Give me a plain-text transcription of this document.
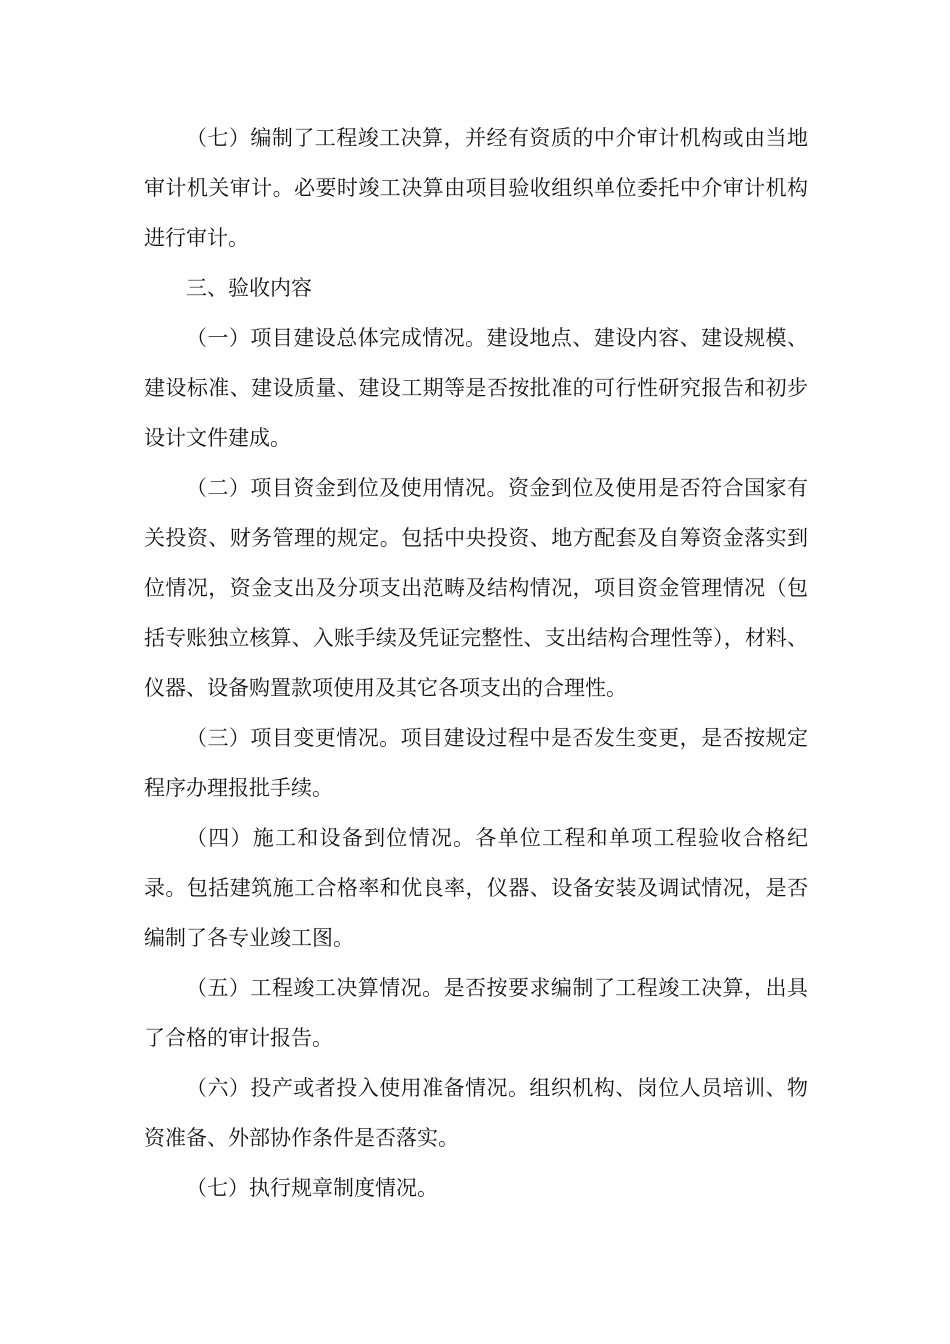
（七）编制了工程竣工决算，并经有资质的中介审计机构或由当地审计机关审计。必要时竣工决算由项目验收组织单位委托中介审计机构进行审计。

三、验收内容

（一）项目建设总体完成情况。建设地点、建设内容、建设规模、建设标准、建设质量、建设工期等是否按批准的可行性研究报告和初步设计文件建成。

（二）项目资金到位及使用情况。资金到位及使用是否符合国家有关投资、财务管理的规定。包括中央投资、地方配套及自筹资金落实到位情况，资金支出及分项支出范畴及结构情况，项目资金管理情况（包括专账独立核算、入账手续及凭证完整性、支出结构合理性等），材料、仪器、设备购置款项使用及其它各项支出的合理性。

（三）项目变更情况。项目建设过程中是否发生变更，是否按规定程序办理报批手续。

（四）施工和设备到位情况。各单位工程和单项工程验收合格纪录。包括建筑施工合格率和优良率，仪器、设备安装及调试情况，是否编制了各专业竣工图。

（五）工程竣工决算情况。是否按要求编制了工程竣工决算，出具了合格的审计报告。

（六）投产或者投入使用准备情况。组织机构、岗位人员培训、物资准备、外部协作条件是否落实。

（七）执行规章制度情况。
